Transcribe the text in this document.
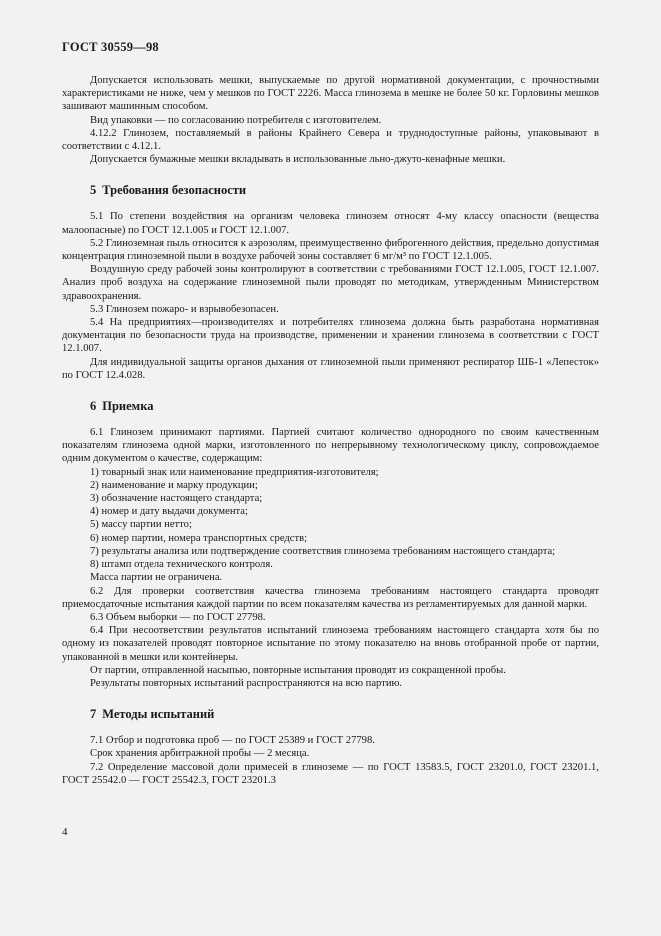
ГОСТ 30559—98

Допускается использовать мешки, выпускаемые по другой нормативной документации, с прочностными характеристиками не ниже, чем у мешков по ГОСТ 2226. Масса глинозема в мешке не более 50 кг. Горловины мешков зашивают машинным способом.

Вид упаковки — по согласованию потребителя с изготовителем.

4.12.2 Глинозем, поставляемый в районы Крайнего Севера и труднодоступные районы, упаковывают в соответствии с 4.12.1.

Допускается бумажные мешки вкладывать в использованные льно-джуто-кенафные мешки.

5 Требования безопасности

5.1 По степени воздействия на организм человека глинозем относят 4-му классу опасности (вещества малоопасные) по ГОСТ 12.1.005 и ГОСТ 12.1.007.

5.2 Глиноземная пыль относится к аэрозолям, преимущественно фиброгенного действия, предельно допустимая концентрация глиноземной пыли в воздухе рабочей зоны составляет 6 мг/м³ по ГОСТ 12.1.005.

Воздушную среду рабочей зоны контролируют в соответствии с требованиями ГОСТ 12.1.005, ГОСТ 12.1.007. Анализ проб воздуха на содержание глиноземной пыли проводят по методикам, утвержденным Министерством здравоохранения.

5.3 Глинозем пожаро- и взрывобезопасен.

5.4 На предприятиях—производителях и потребителях глинозема должна быть разработана нормативная документация по безопасности труда на производстве, применении и хранении глинозема в соответствии с ГОСТ 12.1.007.

Для индивидуальной защиты органов дыхания от глиноземной пыли применяют респиратор ШБ-1 «Лепесток» по ГОСТ 12.4.028.

6 Приемка

6.1 Глинозем принимают партиями. Партией считают количество однородного по своим качественным показателям глинозема одной марки, изготовленного по непрерывному технологическому циклу, сопровождаемое одним документом о качестве, содержащим:

1) товарный знак или наименование предприятия-изготовителя;

2) наименование и марку продукции;

3) обозначение настоящего стандарта;

4) номер и дату выдачи документа;

5) массу партии нетто;

6) номер партии, номера транспортных средств;

7) результаты анализа или подтверждение соответствия глинозема требованиям настоящего стандарта;

8) штамп отдела технического контроля.

Масса партии не ограничена.

6.2 Для проверки соответствия качества глинозема требованиям настоящего стандарта проводят приемосдаточные испытания каждой партии по всем показателям качества из регламентируемых для данной марки.

6.3 Объем выборки — по ГОСТ 27798.

6.4 При несоответствии результатов испытаний глинозема требованиям настоящего стандарта хотя бы по одному из показателей проводят повторное испытание по этому показателю на вновь отобранной пробе от партии, упакованной в мешки или контейнеры.

От партии, отправленной насыпью, повторные испытания проводят из сокращенной пробы.

Результаты повторных испытаний распространяются на всю партию.

7 Методы испытаний

7.1 Отбор и подготовка проб — по ГОСТ 25389 и ГОСТ 27798.

Срок хранения арбитражной пробы — 2 месяца.

7.2 Определение массовой доли примесей в глиноземе — по ГОСТ 13583.5, ГОСТ 23201.0, ГОСТ 23201.1, ГОСТ 25542.0 — ГОСТ 25542.3, ГОСТ 23201.3

4
